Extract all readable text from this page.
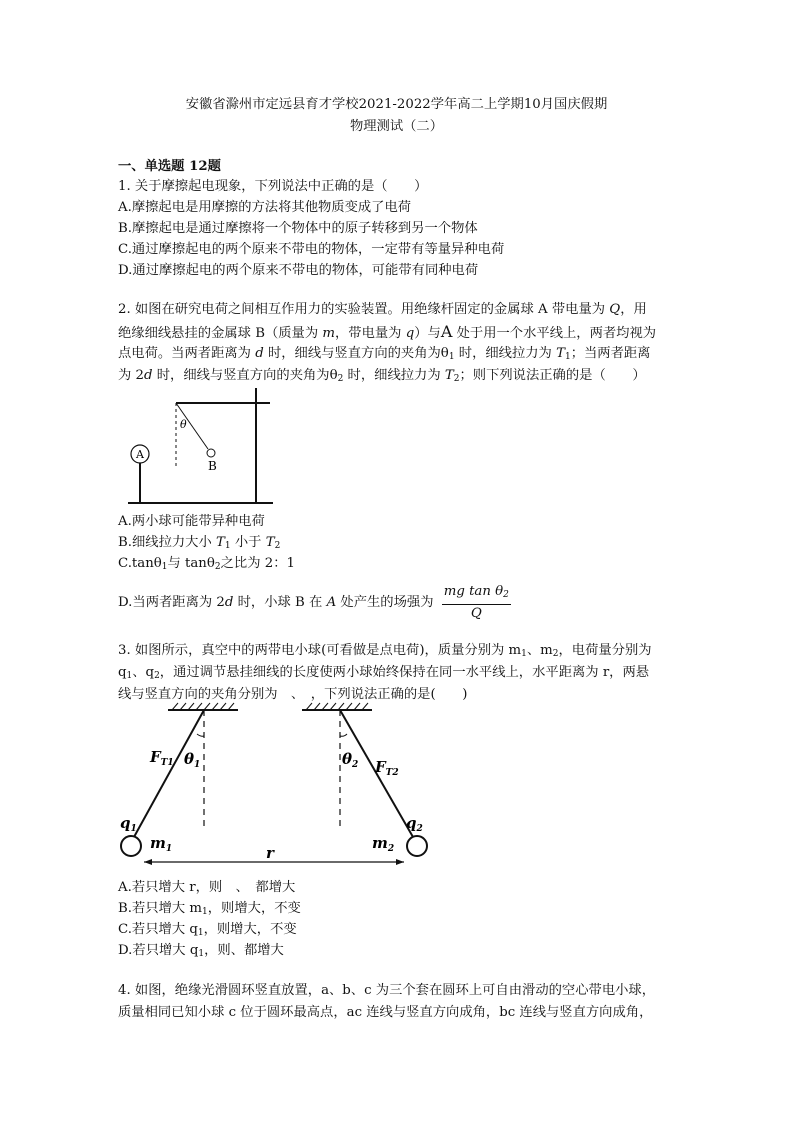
安徽省滁州市定远县育才学校2021-2022学年高二上学期10月国庆假期
物理测试（二）
一、单选题 12题
1. 关于摩擦起电现象，下列说法中正确的是（　　）
A.摩擦起电是用摩擦的方法将其他物质变成了电荷
B.摩擦起电是通过摩擦将一个物体中的原子转移到另一个物体
C.通过摩擦起电的两个原来不带电的物体，一定带有等量异种电荷
D.通过摩擦起电的两个原来不带电的物体，可能带有同种电荷
2. 如图在研究电荷之间相互作用力的实验装置。用绝缘杆固定的金属球 A 带电量为 Q，用
绝缘细线悬挂的金属球 B（质量为 m，带电量为 q）与A 处于用一个水平线上，两者均视为
点电荷。当两者距离为 d 时，细线与竖直方向的夹角为$\theta_1$ 时，细线拉力为 $T_1$；当两者距离
为 2d 时，细线与竖直方向的夹角为$\theta_2$ 时，细线拉力为 $T_2$；则下列说法正确的是（　　）
θ
B
A
A.两小球可能带异种电荷
B.细线拉力大小 $T_1$ 小于 $T_2$
C.tanθ$_1$与 tanθ$_2$之比为 2：1
D.当两者距离为 2d 时，小球 B 在 A 处产生的场强为 $\frac{mg \tan \theta_2}{Q}$
3. 如图所示，真空中的两带电小球(可看做是点电荷)，质量分别为 $m_1$、$m_2$，电荷量分别为
$q_1$、$q_2$，通过调节悬挂细线的长度使两小球始终保持在同一水平线上，水平距离为 r，两悬
线与竖直方向的夹角分别为　、　，下列说法正确的是(　　)
$F_{T1}$ $\theta_1$
$q_1$
$m_1$
$\theta_2$ $F_{T2}$
$q_2$
$m_2$
r
A.若只增大 r，则　、　都增大
B.若只增大 $m_1$，则增大，不变
C.若只增大 $q_1$，则增大，不变
D.若只增大 $q_1$，则、都增大
4. 如图，绝缘光滑圆环竖直放置，a、b、c 为三个套在圆环上可自由滑动的空心带电小球，
质量相同已知小球 c 位于圆环最高点，ac 连线与竖直方向成角，bc 连线与竖直方向成角，
